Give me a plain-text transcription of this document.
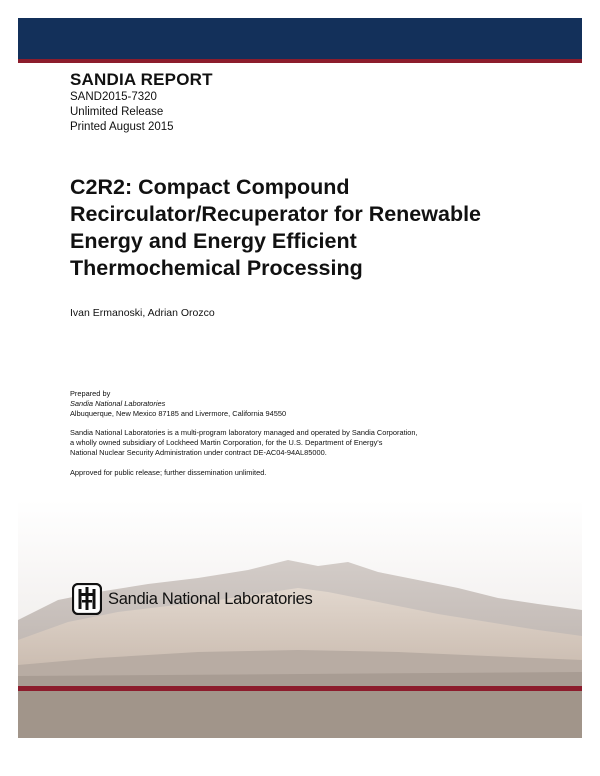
SANDIA REPORT
SAND2015-7320
Unlimited Release
Printed August 2015
C2R2: Compact Compound
Recirculator/Recuperator for Renewable
Energy and Energy Efficient
Thermochemical Processing
Ivan Ermanoski, Adrian Orozco
Prepared by
Sandia National Laboratories
Albuquerque, New Mexico 87185 and Livermore, California 94550
Sandia National Laboratories is a multi-program laboratory managed and operated by Sandia Corporation,
a wholly owned subsidiary of Lockheed Martin Corporation, for the U.S. Department of Energy's
National Nuclear Security Administration under contract DE-AC04-94AL85000.
Approved for public release; further dissemination unlimited.
Sandia National Laboratories
